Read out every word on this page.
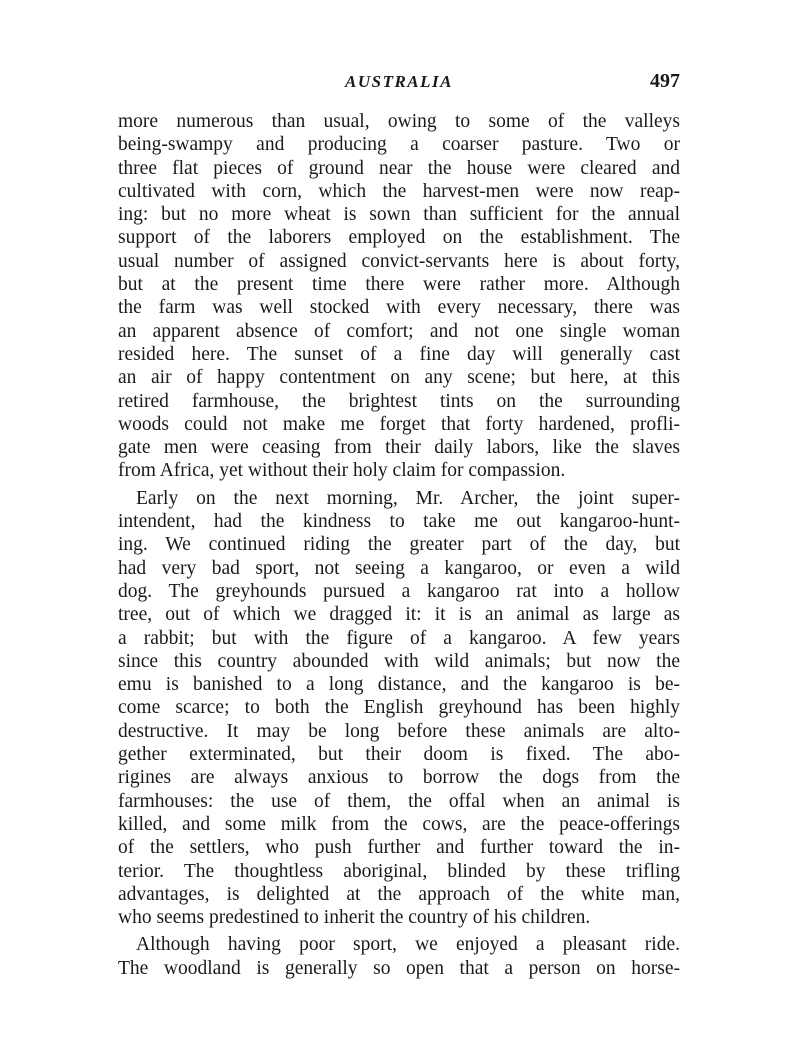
AUSTRALIA	497
more numerous than usual, owing to some of the valleys
being-swampy and producing a coarser pasture. Two or
three flat pieces of ground near the house were cleared and
cultivated with corn, which the harvest-men were now reap-
ing: but no more wheat is sown than sufficient for the annual
support of the laborers employed on the establishment. The
usual number of assigned convict-servants here is about forty,
but at the present time there were rather more. Although
the farm was well stocked with every necessary, there was
an apparent absence of comfort; and not one single woman
resided here. The sunset of a fine day will generally cast
an air of happy contentment on any scene; but here, at this
retired farmhouse, the brightest tints on the surrounding
woods could not make me forget that forty hardened, profli-
gate men were ceasing from their daily labors, like the slaves
from Africa, yet without their holy claim for compassion.
Early on the next morning, Mr. Archer, the joint super-
intendent, had the kindness to take me out kangaroo-hunt-
ing. We continued riding the greater part of the day, but
had very bad sport, not seeing a kangaroo, or even a wild
dog. The greyhounds pursued a kangaroo rat into a hollow
tree, out of which we dragged it: it is an animal as large as
a rabbit; but with the figure of a kangaroo. A few years
since this country abounded with wild animals; but now the
emu is banished to a long distance, and the kangaroo is be-
come scarce; to both the English greyhound has been highly
destructive. It may be long before these animals are alto-
gether exterminated, but their doom is fixed. The abo-
rigines are always anxious to borrow the dogs from the
farmhouses: the use of them, the offal when an animal is
killed, and some milk from the cows, are the peace-offerings
of the settlers, who push further and further toward the in-
terior. The thoughtless aboriginal, blinded by these trifling
advantages, is delighted at the approach of the white man,
who seems predestined to inherit the country of his children.
Although having poor sport, we enjoyed a pleasant ride.
The woodland is generally so open that a person on horse-
